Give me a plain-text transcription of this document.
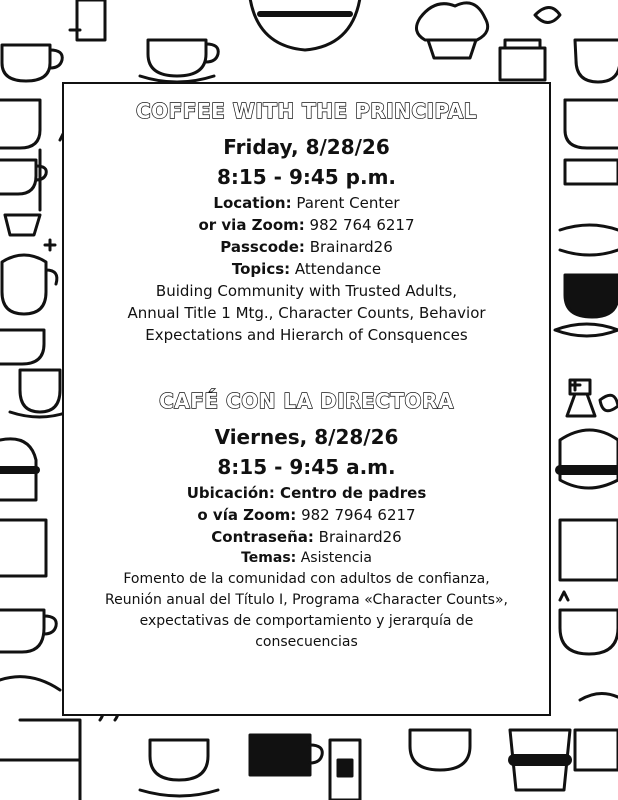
COFFEE WITH THE PRINCIPAL

Friday, 8/28/26

8:15 - 9:45 p.m.

Location: Parent Center

or via Zoom: 982 764 6217

Passcode: Brainard26

Topics: Attendance

Buiding Community with Trusted Adults,

Annual Title 1 Mtg., Character Counts, Behavior

Expectations and Hierarch of Consquences

CAFÉ CON LA DIRECTORA

Viernes, 8/28/26

8:15 - 9:45 a.m.

Ubicación: Centro de padres

o vía Zoom: 982 7964 6217

Contraseña: Brainard26

Temas: Asistencia

Fomento de la comunidad con adultos de confianza,

Reunión anual del Título I, Programa «Character Counts»,

expectativas de comportamiento y jerarquía de

consecuencias
